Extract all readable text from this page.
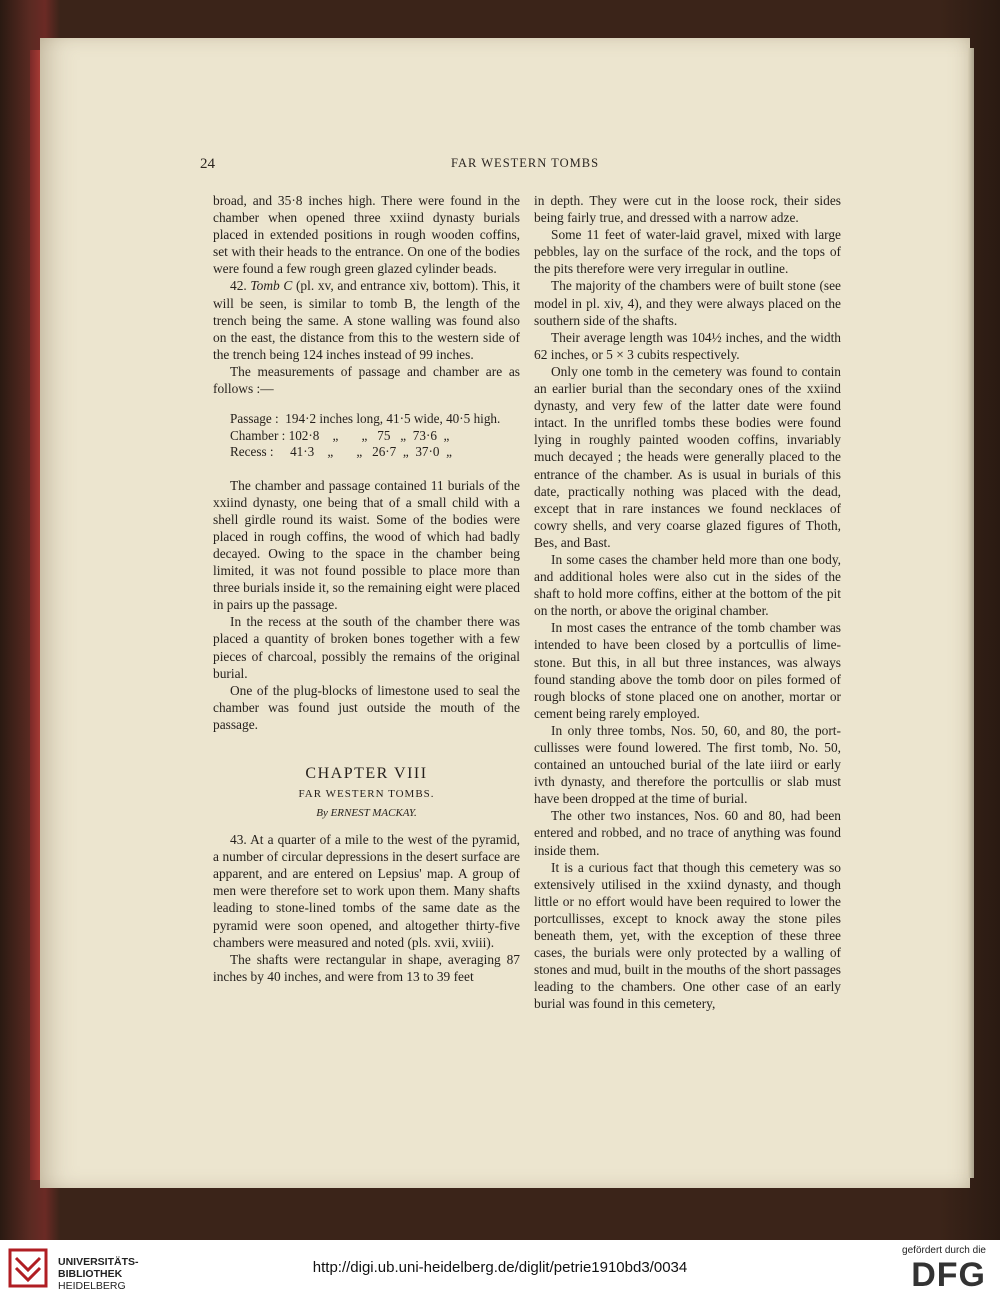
24	FAR WESTERN TOMBS

broad, and 35·8 inches high. There were found in the chamber when opened three xxiind dynasty burials placed in extended positions in rough wooden coffins, set with their heads to the entrance. On one of the bodies were found a few rough green glazed cylinder beads.

42. Tomb C (pl. xv, and entrance xiv, bottom). This, it will be seen, is similar to tomb B, the length of the trench being the same. A stone walling was found also on the east, the distance from this to the western side of the trench being 124 inches instead of 99 inches.

The measurements of passage and chamber are as follows :—

Passage :  194·2 inches long, 41·5 wide, 40·5 high.
Chamber : 102·8    „       „   75   „  73·6  „
Recess :     41·3    „       „   26·7  „  37·0  „

The chamber and passage contained 11 burials of the xxiind dynasty, one being that of a small child with a shell girdle round its waist. Some of the bodies were placed in rough coffins, the wood of which had badly decayed. Owing to the space in the chamber being limited, it was not found possible to place more than three burials inside it, so the remaining eight were placed in pairs up the passage.

In the recess at the south of the chamber there was placed a quantity of broken bones together with a few pieces of charcoal, possibly the remains of the original burial.

One of the plug-blocks of limestone used to seal the chamber was found just outside the mouth of the passage.

CHAPTER VIII
FAR WESTERN TOMBS.
By ERNEST MACKAY.

43. At a quarter of a mile to the west of the pyramid, a number of circular depressions in the desert surface are apparent, and are entered on Lepsius' map. A group of men were therefore set to work upon them. Many shafts leading to stone-lined tombs of the same date as the pyramid were soon opened, and altogether thirty-five chambers were measured and noted (pls. xvii, xviii).

The shafts were rectangular in shape, averaging 87 inches by 40 inches, and were from 13 to 39 feet

in depth. They were cut in the loose rock, their sides being fairly true, and dressed with a narrow adze.

Some 11 feet of water-laid gravel, mixed with large pebbles, lay on the surface of the rock, and the tops of the pits therefore were very irregular in outline.

The majority of the chambers were of built stone (see model in pl. xiv, 4), and they were always placed on the southern side of the shafts.

Their average length was 104½ inches, and the width 62 inches, or 5 × 3 cubits respectively.

Only one tomb in the cemetery was found to contain an earlier burial than the secondary ones of the xxiind dynasty, and very few of the latter date were found intact. In the unrifled tombs these bodies were found lying in roughly painted wooden coffins, invariably much decayed ; the heads were generally placed to the entrance of the chamber. As is usual in burials of this date, practically nothing was placed with the dead, except that in rare instances we found necklaces of cowry shells, and very coarse glazed figures of Thoth, Bes, and Bast.

In some cases the chamber held more than one body, and additional holes were also cut in the sides of the shaft to hold more coffins, either at the bottom of the pit on the north, or above the original chamber.

In most cases the entrance of the tomb chamber was intended to have been closed by a portcullis of lime-stone. But this, in all but three instances, was always found standing above the tomb door on piles formed of rough blocks of stone placed one on another, mortar or cement being rarely employed.

In only three tombs, Nos. 50, 60, and 80, the port-cullisses were found lowered. The first tomb, No. 50, contained an untouched burial of the late iiird or early ivth dynasty, and therefore the portcullis or slab must have been dropped at the time of burial.

The other two instances, Nos. 60 and 80, had been entered and robbed, and no trace of anything was found inside them.

It is a curious fact that though this cemetery was so extensively utilised in the xxiind dynasty, and though little or no effort would have been required to lower the portcullisses, except to knock away the stone piles beneath them, yet, with the exception of these three cases, the burials were only protected by a walling of stones and mud, built in the mouths of the short passages leading to the chambers. One other case of an early burial was found in this cemetery,

UNIVERSITÄTS-
BIBLIOTHEK
HEIDELBERG
http://digi.ub.uni-heidelberg.de/diglit/petrie1910bd3/0034
gefördert durch die
DFG
